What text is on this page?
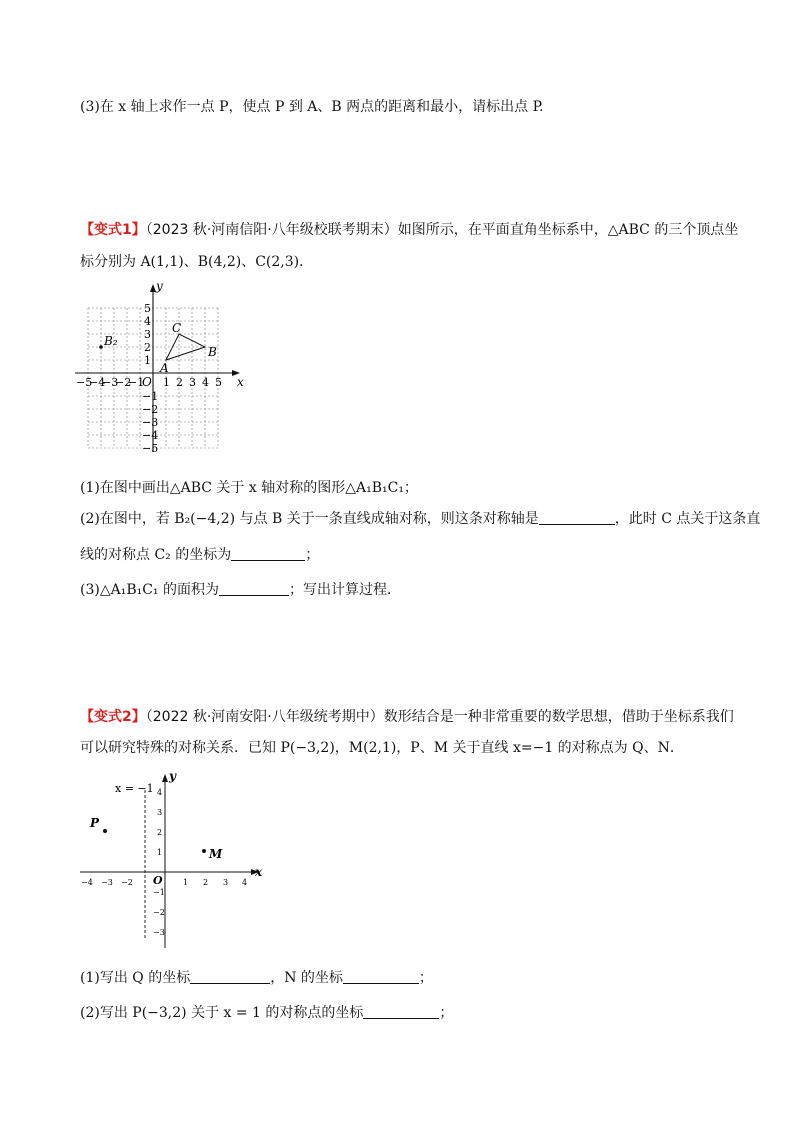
(3)在 x 轴上求作一点 P，使点 P 到 A、B 两点的距离和最小，请标出点 P.
【变式1】（2023 秋·河南信阳·八年级校联考期末）如图所示，在平面直角坐标系中，△ABC 的三个顶点坐
标分别为 A(1,1)、B(4,2)、C(2,3)．
x
y
O
−5
−4
−3
−2
−1 1 2 3 4 5
5
4
3
2
1
−1
−2
−3
−4
−5
A
B
C
B₂
(1)在图中画出△ABC 关于 x 轴对称的图形△A₁B₁C₁；
(2)在图中，若 B₂(−4,2) 与点 B 关于一条直线成轴对称，则这条对称轴是	，此时 C 点关于这条直
线的对称点 C₂ 的坐标为	；
(3)△A₁B₁C₁ 的面积为	；写出计算过程．
【变式2】（2022 秋·河南安阳·八年级统考期中）数形结合是一种非常重要的数学思想，借助于坐标系我们
可以研究特殊的对称关系．已知 P(−3,2)，M(2,1)，P、M 关于直线 x=−1 的对称点为 Q、N．
x
y
O
x = −1
−4 −3 −2	1 2 3 4
4
3
2
1
−1
−2
−3
P
M
(1)写出 Q 的坐标	，N 的坐标	；
(2)写出 P(−3,2) 关于 x = 1 的对称点的坐标	；
